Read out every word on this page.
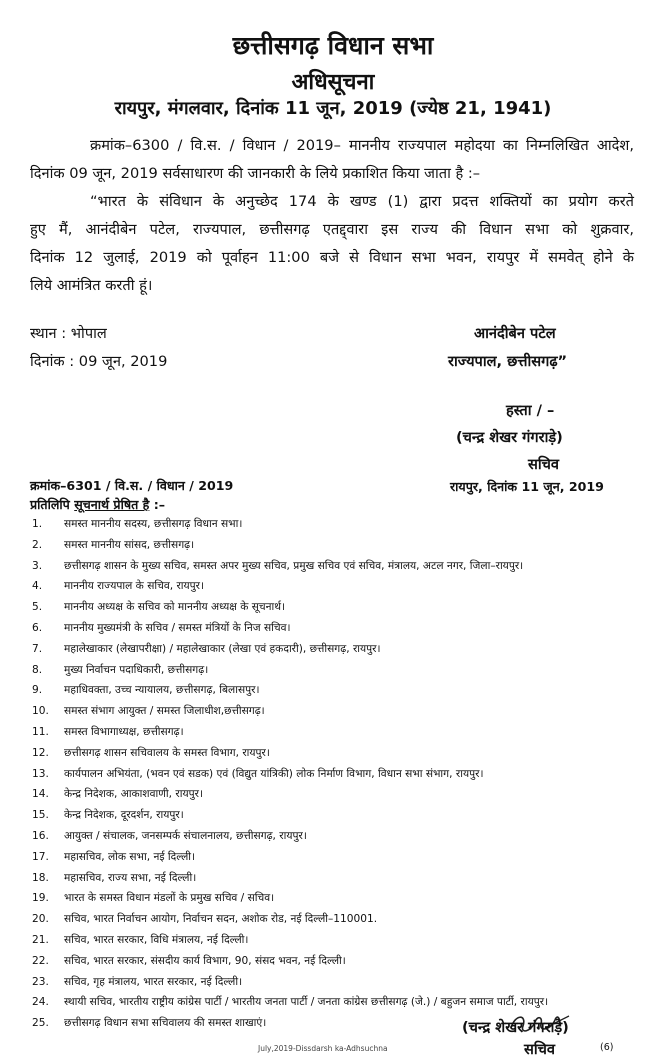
छत्तीसगढ़ विधान सभा
अधिसूचना
रायपुर, मंगलवार, दिनांक 11 जून, 2019 (ज्येष्ठ 21, 1941)
क्रमांक–6300 / वि.स. / विधान / 2019– माननीय राज्यपाल महोदया का निम्नलिखित आदेश,
दिनांक 09 जून, 2019 सर्वसाधारण की जानकारी के लिये प्रकाशित किया जाता है :–
“भारत के संविधान के अनुच्छेद 174 के खण्ड (1) द्वारा प्रदत्त शक्तियों का प्रयोग करते
हुए मैं, आनंदीबेन पटेल, राज्यपाल, छत्तीसगढ़ एतद्द्वारा इस राज्य की विधान सभा को शुक्रवार,
दिनांक 12 जुलाई, 2019 को पूर्वाहन 11:00 बजे से विधान सभा भवन, रायपुर में समवेत् होने के
लिये आमंत्रित करती हूं।
स्थान : भोपाल
दिनांक : 09 जून, 2019
आनंदीबेन पटेल
राज्यपाल, छत्तीसगढ़”
हस्ता / –
(चन्द्र शेखर गंगराड़े)
सचिव
रायपुर, दिनांक 11 जून, 2019
क्रमांक–6301 / वि.स. / विधान / 2019
प्रतिलिपि सूचनार्थ प्रेषित है :–
1.	समस्त माननीय सदस्य, छत्तीसगढ़ विधान सभा।
2.	समस्त माननीय सांसद, छत्तीसगढ़।
3.	छत्तीसगढ़ शासन के मुख्य सचिव, समस्त अपर मुख्य सचिव, प्रमुख सचिव एवं सचिव, मंत्रालय, अटल नगर, जिला–रायपुर।
4.	माननीय राज्यपाल के सचिव, रायपुर।
5.	माननीय अध्यक्ष के सचिव को माननीय अध्यक्ष के सूचनार्थ।
6.	माननीय मुख्यमंत्री के सचिव / समस्त मंत्रियों के निज सचिव।
7.	महालेखाकार (लेखापरीक्षा) / महालेखाकार (लेखा एवं हकदारी), छत्तीसगढ़, रायपुर।
8.	मुख्य निर्वाचन पदाधिकारी, छत्तीसगढ़।
9.	महाधिवक्ता, उच्च न्यायालय, छत्तीसगढ़, बिलासपुर।
10.	समस्त संभाग आयुक्त / समस्त जिलाधीश,छत्तीसगढ़।
11.	समस्त विभागाध्यक्ष, छत्तीसगढ़।
12.	छत्तीसगढ़ शासन सचिवालय के समस्त विभाग, रायपुर।
13.	कार्यपालन अभियंता, (भवन एवं सडक) एवं (विद्युत यांत्रिकी) लोक निर्माण विभाग, विधान सभा संभाग, रायपुर।
14.	केन्द्र निदेशक, आकाशवाणी, रायपुर।
15.	केन्द्र निदेशक, दूरदर्शन, रायपुर।
16.	आयुक्त / संचालक, जनसम्पर्क संचालनालय, छत्तीसगढ़, रायपुर।
17.	महासचिव, लोक सभा, नई दिल्ली।
18.	महासचिव, राज्य सभा, नई दिल्ली।
19.	भारत के समस्त विधान मंडलों के प्रमुख सचिव / सचिव।
20.	सचिव, भारत निर्वाचन आयोग, निर्वाचन सदन, अशोक रोड, नई दिल्ली–110001.
21.	सचिव, भारत सरकार, विधि मंत्रालय, नई दिल्ली।
22.	सचिव, भारत सरकार, संसदीय कार्य विभाग, 90, संसद भवन, नई दिल्ली।
23.	सचिव, गृह मंत्रालय, भारत सरकार, नई दिल्ली।
24.	स्थायी सचिव, भारतीय राष्ट्रीय कांग्रेस पार्टी / भारतीय जनता पार्टी / जनता कांग्रेस छत्तीसगढ़ (जे.) / बहुजन समाज पार्टी, रायपुर।
25.	छत्तीसगढ़ विधान सभा सचिवालय की समस्त शाखाएं।	(चन्द्र शेखर गंगराड़े)
सचिव
July,2019-Dissdarsh ka-Adhsuchna	(6)
